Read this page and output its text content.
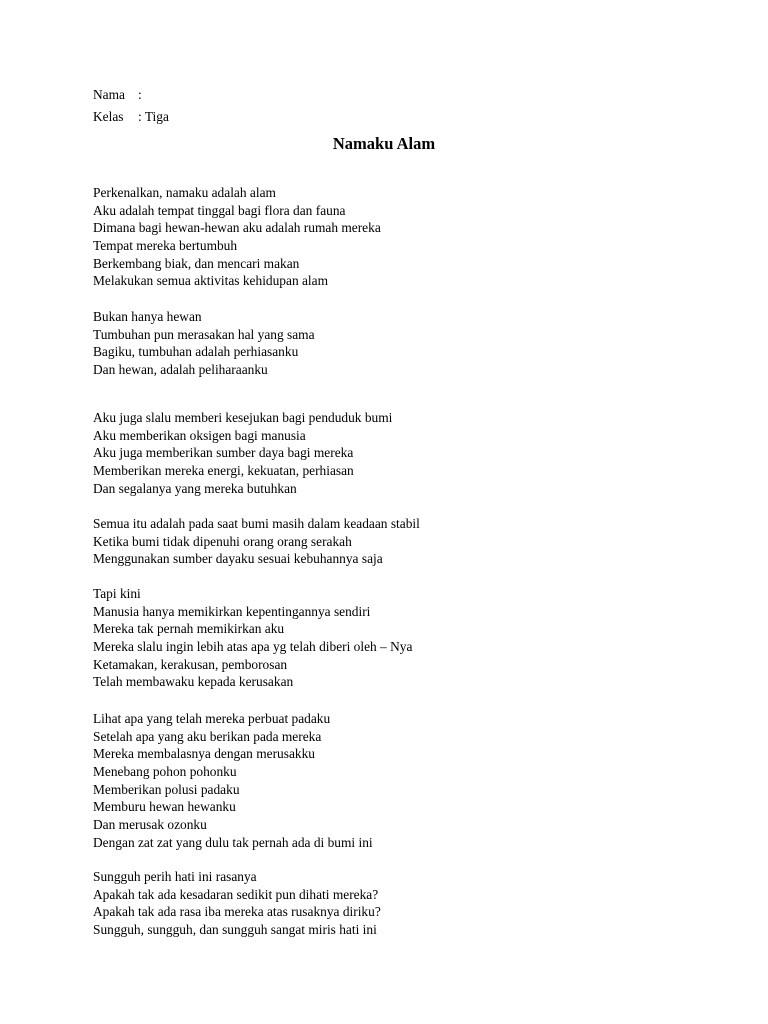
Nama :
Kelas : Tiga
Namaku Alam
Perkenalkan, namaku adalah alam
Aku adalah tempat tinggal bagi flora dan fauna
Dimana bagi hewan-hewan aku adalah rumah mereka
Tempat mereka bertumbuh
Berkembang biak, dan mencari makan
Melakukan semua aktivitas kehidupan alam
Bukan hanya hewan
Tumbuhan pun merasakan hal yang sama
Bagiku, tumbuhan adalah perhiasanku
Dan hewan, adalah peliharaanku
Aku juga slalu memberi kesejukan bagi penduduk bumi
Aku memberikan oksigen bagi manusia
Aku juga memberikan sumber daya bagi mereka
Memberikan mereka energi, kekuatan, perhiasan
Dan segalanya yang mereka butuhkan
Semua itu adalah pada saat bumi masih dalam keadaan stabil
Ketika bumi tidak dipenuhi orang orang serakah
Menggunakan sumber dayaku sesuai kebuhannya saja
Tapi kini
Manusia hanya memikirkan kepentingannya sendiri
Mereka tak pernah memikirkan aku
Mereka slalu ingin lebih atas apa yg telah diberi oleh – Nya
Ketamakan, kerakusan, pemborosan
Telah membawaku kepada kerusakan
Lihat apa yang telah mereka perbuat padaku
Setelah apa yang aku berikan pada mereka
Mereka membalasnya dengan merusakku
Menebang pohon pohonku
Memberikan polusi padaku
Memburu hewan hewanku
Dan merusak ozonku
Dengan zat zat yang dulu tak pernah ada di bumi ini
Sungguh perih hati ini rasanya
Apakah tak ada kesadaran sedikit pun dihati mereka?
Apakah tak ada rasa iba mereka atas rusaknya diriku?
Sungguh, sungguh, dan sungguh sangat miris hati ini
